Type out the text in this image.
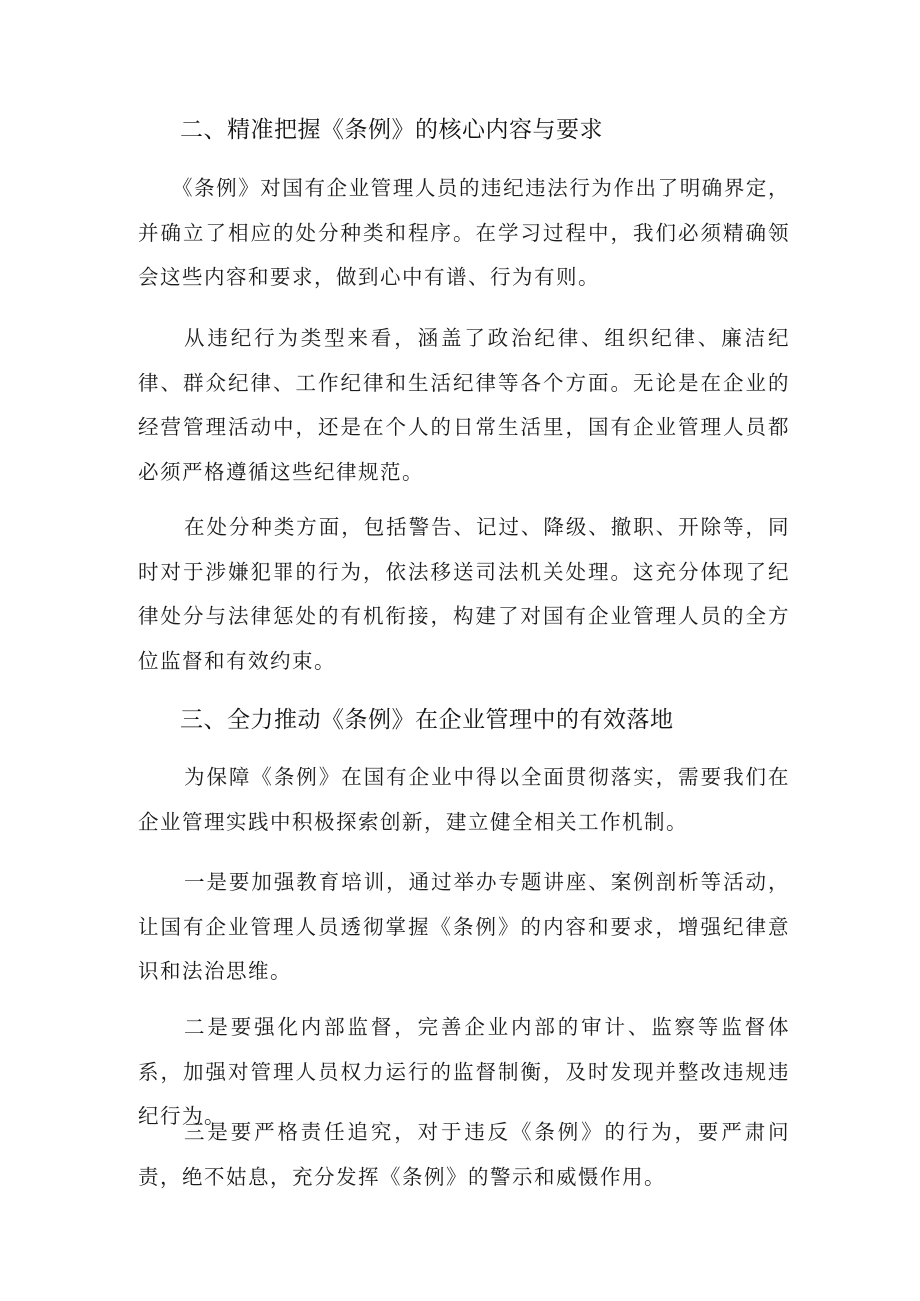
二、精准把握《条例》的核心内容与要求

《条例》对国有企业管理人员的违纪违法行为作出了明确界定，并确立了相应的处分种类和程序。在学习过程中，我们必须精确领会这些内容和要求，做到心中有谱、行为有则。

从违纪行为类型来看，涵盖了政治纪律、组织纪律、廉洁纪律、群众纪律、工作纪律和生活纪律等各个方面。无论是在企业的经营管理活动中，还是在个人的日常生活里，国有企业管理人员都必须严格遵循这些纪律规范。

在处分种类方面，包括警告、记过、降级、撤职、开除等，同时对于涉嫌犯罪的行为，依法移送司法机关处理。这充分体现了纪律处分与法律惩处的有机衔接，构建了对国有企业管理人员的全方位监督和有效约束。

三、全力推动《条例》在企业管理中的有效落地

为保障《条例》在国有企业中得以全面贯彻落实，需要我们在企业管理实践中积极探索创新，建立健全相关工作机制。

一是要加强教育培训，通过举办专题讲座、案例剖析等活动，让国有企业管理人员透彻掌握《条例》的内容和要求，增强纪律意识和法治思维。

二是要强化内部监督，完善企业内部的审计、监察等监督体系，加强对管理人员权力运行的监督制衡，及时发现并整改违规违纪行为。

三是要严格责任追究，对于违反《条例》的行为，要严肃问责，绝不姑息，充分发挥《条例》的警示和威慑作用。
